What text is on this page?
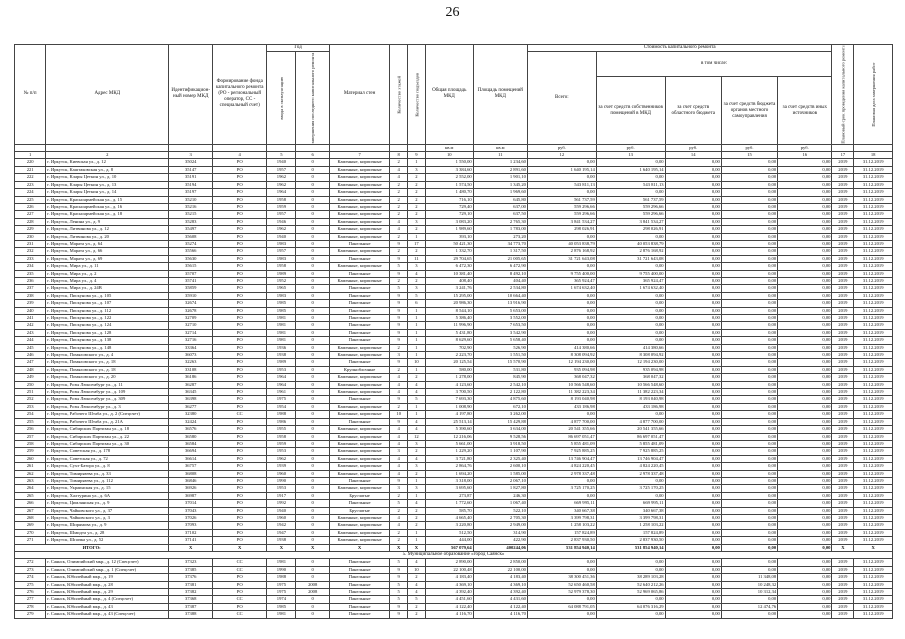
26
№ п/п	Адрес МКД	Идентификацион-ный номер МКД	Формирование фонда капитального ремонта (РО - региональный оператор, СС - специальный счет)	Год		Материал стен	Количество этажей	Количество подъездов	Общая площадь МКД	Площадь помещений МКД	Стоимость капитального ремонта					Плановый срок проведения капитального ремонта	Плановая дата завершения работ
				ввода в эксплуатацию	завершения последнего капитального ремонта						Всего:	в том числе:					
												за счет средств собственников помещений в МКД	за счет средств областного бюджета	за счет средств бюджета органов местного самоуправления	за счет средств иных источников		
									кв.м	кв.м	руб.	руб.	руб.	руб.	руб.		
1	2	3	4	5	6	7	8	9	10	11	12	13	14	15	16	17	18
220	г. Иркутск, Киевская ул., д. 12	35024	РО	1940	0	Каменные, кирпичные	2	1	1 550,00	1 234,60	0,00	0,00	0,00	0,00	0,00	2019	31.12.2019
221	г. Иркутск, Каштаковская ул., д. 8	35147	РО	1957	0	Каменные, кирпичные	4	3	3 384,60	2 891,60	1 640 195,14	1 640 195,14	0,00	0,00	0,00	2019	31.12.2019
222	г. Иркутск, Клары Цеткин ул., д. 10	35191	РО	1962	0	Каменные, кирпичные	4	2	2 552,00	1 901,10	0,00	0,00	0,00	0,00	0,00	2019	31.12.2019
223	г. Иркутск, Клары Цеткин ул., д. 13	35194	РО	1962	0	Каменные, кирпичные	2	2	1 574,50	1 345,20	543 811,13	543 811,13	0,00	0,00	0,00	2019	31.12.2019
224	г. Иркутск, Клары Цеткин ул., д. 14	35197	РО	1964	0	Каменные, кирпичные	2	2	1 480,70	1 969,60	0,00	0,00	0,00	0,00	0,00	2019	31.12.2019
225	г. Иркутск, Красноармейская ул., д. 15	35210	РО	1958	0	Каменные, кирпичные	2	2	716,10	645,80	561 737,59	561 737,59	0,00	0,00	0,00	2019	31.12.2019
226	г. Иркутск, Красноармейская ул., д. 16	35216	РО	1959	0	Каменные, кирпичные	2	2	729,40	637,00	559 296,66	559 296,66	0,00	0,00	0,00	2019	31.12.2019
227	г. Иркутск, Красноармейская ул., д. 18	35215	РО	1957	0	Каменные, кирпичные	2	2	729,10	637,50	559 296,66	559 296,66	0,00	0,00	0,00	2019	31.12.2019
228	г. Иркутск, Ленина ул., д. 9	35283	РО	1946	0	Каменные, кирпичные	4	3	3 083,20	2 765,30	3 841 534,27	3 841 534,27	0,00	0,00	0,00	2019	31.12.2019
229	г. Иркутск, Литвинова ул., д. 12	35497	РО	1962	0	Каменные, кирпичные	4	2	1 989,60	1 783,00	298 026,91	298 026,91	0,00	0,00	0,00	2019	31.12.2019
230	г. Иркутск, Литвинова ул., д. 20	35608	РО	1940	0	Каменные, кирпичные	2	1	393,10	273,20	0,00	0,00	0,00	0,00	0,00	2019	31.12.2019
231	г. Иркутск, Марата ул., д. 64	35274	РО	1983	0	Панельные	9	17	50 421,30	34 773,70	40 053 838,79	40 053 838,79	0,00	0,00	0,00	2019	31.12.2019
232	г. Иркутск, Марата ул., д. 66	35566	РО	1957	0	Каменные, кирпичные	2	2	1 332,70	1 317,50	2 876 168,92	2 876 168,92	0,00	0,00	0,00	2019	31.12.2019
233	г. Иркутск, Марата ул., д. 69	35630	РО	1983	0	Панельные	9	11	29 704,65	21 005,65	31 721 643,08	31 721 643,08	0,00	0,00	0,00	2019	31.12.2019
234	г. Иркутск, Мира ул., д. 11	35615	РО	1958	0	Каменные, кирпичные	5	3	6 472,30	6 472,90	0,00	0,00	0,00	0,00	0,00	2019	31.12.2019
235	г. Иркутск, Мира ул., д. 2	35707	РО	1989	0	Панельные	9	4	10 381,40	8 492,10	9 755 400,00	9 755 400,00	0,00	0,00	0,00	2019	31.12.2019
236	г. Иркутск, Мира ул., д. 4	35741	РО	1952	0	Каменные, кирпичные	2	2	408,40	404,40	365 924,47	365 924,47	0,00	0,00	0,00	2019	31.12.2019
237	г. Иркутск, Мира ул., д. 24В	35859	РО	1965	0	Панельные	5	3	3 241,76	2 534,80	1 674 632,40	1 674 632,40	0,00	0,00	0,00	2019	31.12.2019
238	г. Иркутск, Пискунова ул., д. 105	35910	РО	1983	0	Панельные	9	5	15 295,00	10 664,40	0,00	0,00	0,00	0,00	0,00	2019	31.12.2019
239	г. Иркутск, Пискунова ул., д. 107	32674	РО	1985	0	Панельные	9	6	20 986,30	13 916,90	0,00	0,00	0,00	0,00	0,00	2019	31.12.2019
240	г. Иркутск, Пискунова ул., д. 112	32678	РО	1985	0	Панельные	9	1	8 544,10	5 653,00	0,00	0,00	0,00	0,00	0,00	2019	31.12.2019
241	г. Иркутск, Пискунова ул., д. 122	32709	РО	1981	0	Панельные	9	1	5 386,40	3 552,00	0,00	0,00	0,00	0,00	0,00	2019	31.12.2019
242	г. Иркутск, Пискунова ул., д. 124	32710	РО	1981	0	Панельные	9	1	11 996,90	7 653,50	0,00	0,00	0,00	0,00	0,00	2019	31.12.2019
243	г. Иркутск, Пискунова ул., д. 128	32714	РО	1981	0	Панельные	9	1	5 431,80	3 542,90	0,00	0,00	0,00	0,00	0,00	2019	31.12.2019
244	г. Иркутск, Пискунова ул., д. 138	32716	РО	1981	0	Панельные	9	1	8 629,60	5 658,40	0,00	0,00	0,00	0,00	0,00	2019	31.12.2019
245	г. Иркутск, Пискунова ул., д. 148	33364	РО	1936	0	Каменные, кирпичные	2	1	702,90	526,90	414 380,66	414 380,66	0,00	0,00	0,00	2019	31.12.2019
246	г. Иркутск, Помяловского ул., д. 4	36073	РО	1938	0	Каменные, кирпичные	3	1	2 223,70	1 551,50	8 308 094,92	8 308 094,92	0,00	0,00	0,00	2019	31.12.2019
247	г. Иркутск, Помяловского ул., д. 18	32263	РО	1989	0	Панельные	9	10	20 125,54	15 570,90	12 194 230,00	12 194 230,00	0,00	0,00	0,00	2019	31.12.2019
248	г. Иркутск, Помяловского ул., д. 18	33108	РО	1953	0	Крупноблочные	2	1	580,00	531,80	935 094,98	935 094,98	0,00	0,00	0,00	2019	31.12.2019
249	г. Иркутск, Помяловского ул., д. 20	36186	РО	1964	0	Каменные, кирпичные	4	2	1 278,00	845,90	368 047,32	368 047,32	0,00	0,00	0,00	2019	31.12.2019
250	г. Иркутск, Розы Люксембург ул., д. 11	36287	РО	1964	0	Каменные, кирпичные	4	4	4 123,60	2 542,10	10 566 548,60	10 566 548,60	0,00	0,00	0,00	2019	31.12.2019
251	г. Иркутск, Розы Люксембург ул., д. 109	36345	РО	1961	0	Каменные, кирпичные	4	4	3 700,50	2 122,80	11 382 223,34	11 382 223,34	0,00	0,00	0,00	2019	31.12.2019
252	г. Иркутск, Розы Люксембург ул., д. 309	36398	РО	1975	0	Панельные	9	5	7 693,30	4 875,60	8 193 040,98	8 193 040,98	0,00	0,00	0,00	2019	31.12.2019
253	г. Иркутск, Розы Люксембург ул., д. 3	36277	РО	1954	0	Каменные, кирпичные	2	1	1 008,90	672,10	433 186,98	433 186,98	0,00	0,00	0,00	2019	31.12.2019
254	г. Иркутск, Рабочего Штаба ул., д. 2 (Спецсчет)	32380	СС	1988	0	Каменные, кирпичные	10	1	4 197,80	3 262,00	0,00	0,00	0,00	0,00	0,00	2019	31.12.2019
255	г. Иркутск, Рабочего Штаба ул., д. 21А	32424	РО	1986	0	Панельные	9	4	25 513,14	15 429,88	4 877 700,00	4 877 700,00	0,00	0,00	0,00	2019	31.12.2019
256	г. Иркутск, Сибирских Партизан ул., д. 18	36576	РО	1955	0	Каменные, кирпичные	4	4	5 390,60	3 634,00	20 541 355,66	20 541 355,66	0,00	0,00	0,00	2019	31.12.2019
257	г. Иркутск, Сибирских Партизан ул., д. 22	36580	РО	1958	0	Каменные, кирпичные	4	12	12 216,06	9 528,56	86 697 051,47	86 697 051,47	0,00	0,00	0,00	2019	31.12.2019
258	г. Иркутск, Сибирских Партизан ул., д. 30	36584	РО	1959	0	Каменные, кирпичные	4	3	5 661,00	3 918,50	5 855 481,09	5 855 481,09	0,00	0,00	0,00	2019	31.12.2019
259	г. Иркутск, Советская ул., д. 178	36694	РО	1953	0	Каменные, кирпичные	3	2	1 229,20	1 107,90	7 925 885,25	7 925 885,25	0,00	0,00	0,00	2019	31.12.2019
260	г. Иркутск, Советская ул., д. 72	36614	РО	1962	0	Каменные, кирпичные	4	4	3 721,80	2 325,40	13 746 904,47	13 746 904,47	0,00	0,00	0,00	2019	31.12.2019
261	г. Иркутск, Сухэ-Батора ул., д. 8	36757	РО	1939	0	Каменные, кирпичные	4	3	2 864,76	2 600,10	4 824 220,45	4 824 220,45	0,00	0,00	0,00	2019	31.12.2019
262	г. Иркутск, Тимирязева ул., д. 33	36808	РО	1960	0	Каменные, кирпичные	4	2	1 694,20	1 585,00	2 978 337,48	2 978 337,48	0,00	0,00	0,00	2019	31.12.2019
263	г. Иркутск, Тимирязева ул., д. 112	36846	РО	1990	0	Панельные	9	1	3 318,00	2 067,10	0,00	0,00	0,00	0,00	0,00	2019	31.12.2019
264	г. Иркутск, Украинская ул., д. 15	36926	РО	1953	0	Каменные, кирпичные	3	3	3 695,60	1 827,80	3 725 170,25	3 725 170,25	0,00	0,00	0,00	2019	31.12.2019
265	г. Иркутск, Халтурина ул., д. 6А	36987	РО	1917	0	Брусчатые	2	1	273,87	246,30	0,00	0,00	0,00	0,00	0,00	2019	31.12.2019
266	г. Иркутск, Цимлянская ул., д. 9	37014	РО	1992	0	Панельные	5	4	1 772,60	1 067,40	669 995,11	669 995,11	0,00	0,00	0,00	2019	31.12.2019
267	г. Иркутск, Чайковского ул., д. 37	37043	РО	1940	0	Брусчатые	2	2	585,70	522,10	340 667,38	340 667,38	0,00	0,00	0,00	2019	31.12.2019
268	г. Иркутск, Чайковского ул., д. 3	37026	РО	1960	0	Каменные, кирпичные	4	2	4 665,40	2 705,30	3 399 798,31	3 399 798,31	0,00	0,00	0,00	2019	31.12.2019
269	г. Иркутск, Ширямова ул., д. 9	37093	РО	1942	0	Каменные, кирпичные	4	2	3 220,80	2 949,00	1 258 103,22	1 258 103,22	0,00	0,00	0,00	2019	31.12.2019
270	г. Иркутск, Шмидта ул., д. 28	37102	РО	1947	0	Каменные, кирпичные	2	1	512,50	314,90	157 824,89	157 824,89	0,00	0,00	0,00	2019	31.12.2019
271	г. Иркутск, Шпачка ул., д. 52	37141	РО	1938	0	Каменные, кирпичные	2	1	444,00	422,90	2 837 930,50	2 837 930,50	0,00	0,00	0,00	2019	31.12.2019
ИТОГО:		Х	Х	Х	Х	Х	Х	Х	567 079,64	400244,06	531 854 940,14	531 854 940,14	0,00	0,00	0,00	Х	Х
5. Муниципальное образование «город Саянск»																	
272	г. Саянск, Олимпийский мкр., д. 12 (Спецсчет)	37323	СС	1981	0	Панельные	5	4	2 890,00	2 850,00	0,00	0,00	0,00	0,00	0,00	2019	31.12.2019
273	г. Саянск, Олимпийский мкр., д. 1 (Спецсчет)	37385	СС	1990	0	Панельные	9	10	22 100,48	22 100,00	0,00	0,00	0,00	0,00	0,00	2019	31.12.2019
274	г. Саянск, Юбилейный мкр., д. 19	37376	РО	1988	0	Панельные	9	2	4 183,40	4 183,40	38 300 451,36	38 289 103,28	0,00	11 348,08	0,00	2019	31.12.2019
275	г. Саянск, Юбилейный мкр., д. 28	37381	РО	1975	2008	Панельные	5	4	4 369,10	4 369,10	52 650 460,58	52 640 212,26	0,00	10 248,32	0,00	2019	31.12.2019
276	г. Саянск, Юбилейный мкр., д. 29	37382	РО	1975	2008	Панельные	5	4	4 392,40	4 392,40	52 979 378,30	52 969 065,86	0,00	10 312,34	0,00	2019	31.12.2019
277	г. Саянск, Юбилейный мкр., д. 4 (Спецсчет)	37368	СС	1974	0	Панельные	5	5	4 451,60	4 431,60	0,00	0,00	0,00	0,00	0,00	2019	31.12.2019
278	г. Саянск, Юбилейный мкр., д. 43	37387	РО	1985	0	Панельные	9	2	4 122,40	4 122,40	64 088 791,05	64 076 316,29	0,00	12 474,76	0,00	2019	31.12.2019
279	г. Саянск, Юбилейный мкр., д. 43 (Спецсчет)	37388	СС	1981	0	Панельные	9	2	4 116,70	4 116,70	0,00	0,00	0,00	0,00	0,00	2019	31.12.2019
